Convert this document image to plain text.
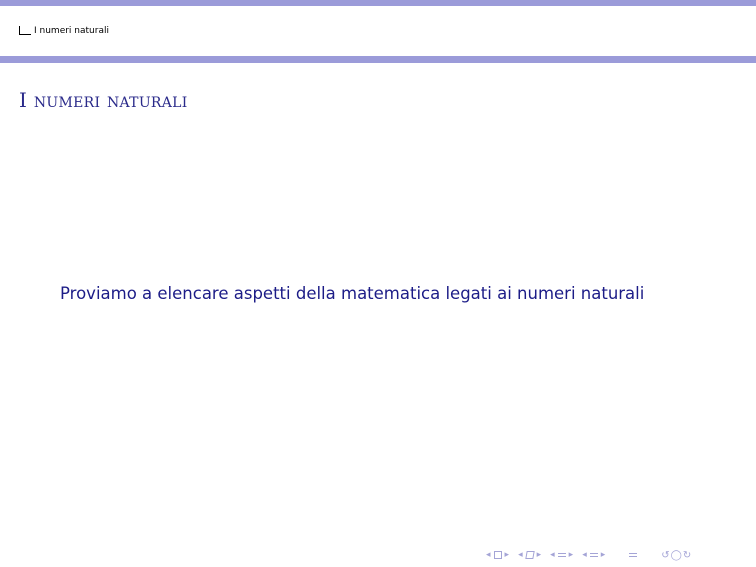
I numeri naturali
I numeri naturali
Proviamo a elencare aspetti della matematica legati ai numeri naturali
◂ ▸ ◂ ▸ ◂ ▸ ◂ ▸	↺◯↻
